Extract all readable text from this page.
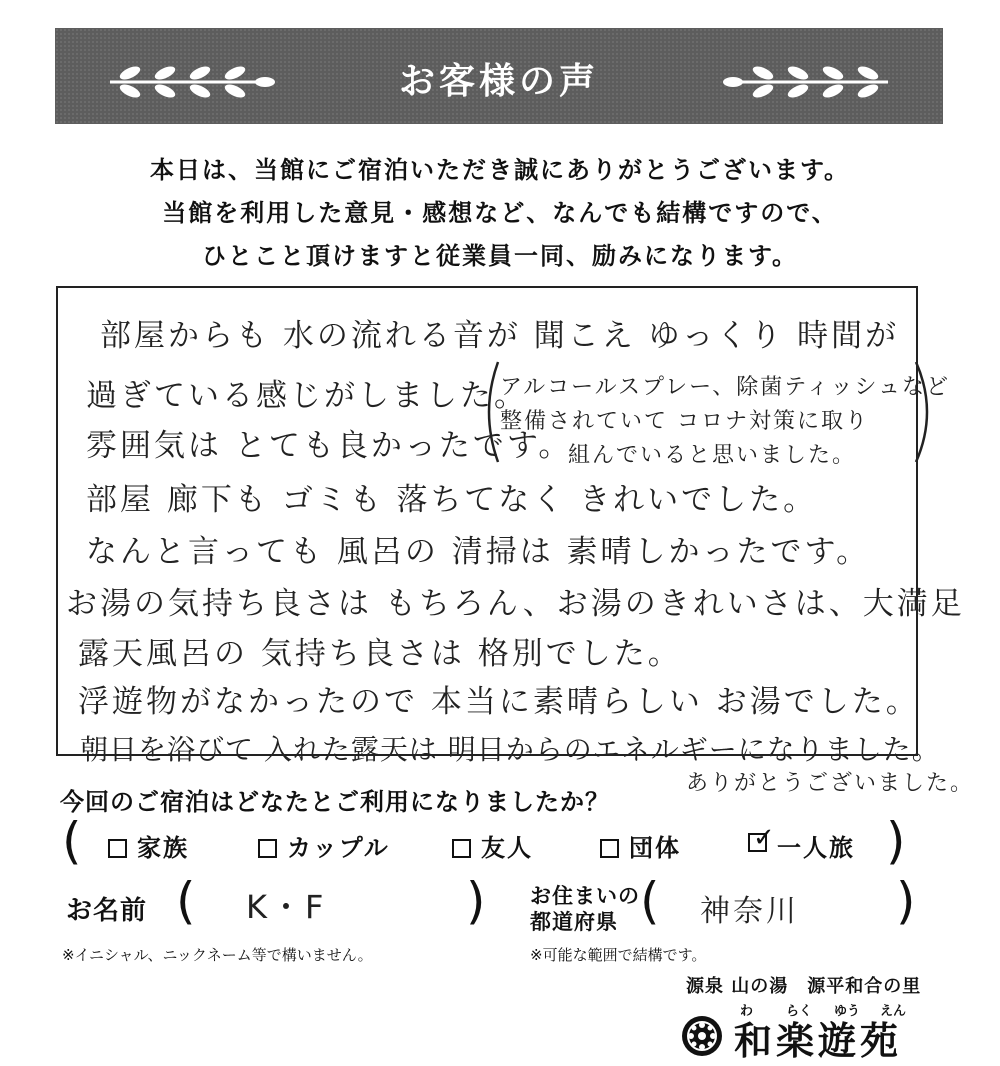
お客様の声
本日は、当館にご宿泊いただき誠にありがとうございます。
当館を利用した意見・感想など、なんでも結構ですので、
ひとこと頂けますと従業員一同、励みになります。
部屋からも 水の流れる音が 聞こえ ゆっくり 時間が
過ぎている感じがしました。
雰囲気は とても良かったです。
アルコールスプレー、除菌ティッシュなど
整備されていて コロナ対策に取り
組んでいると思いました。
部屋 廊下も ゴミも 落ちてなく きれいでした。
なんと言っても 風呂の 清掃は 素晴しかったです。
お湯の気持ち良さは もちろん、お湯のきれいさは、大満足
露天風呂の 気持ち良さは 格別でした。
浮遊物がなかったので 本当に素晴らしい お湯でした。
朝日を浴びて 入れた露天は 明日からのエネルギーになりました。
ありがとうございました。
今回のご宿泊はどなたとご利用になりましたか？
(	家族	カップル	友人	団体
✓	一人旅 )
お名前 ( K・F	)
※イニシャル、ニックネーム等で構いません。
お住まいの
都道府県 ( 神奈川 )
※可能な範囲で結構です。
源泉 山の湯　源平和合の里
わ	らく ゆう えん
和楽遊苑
